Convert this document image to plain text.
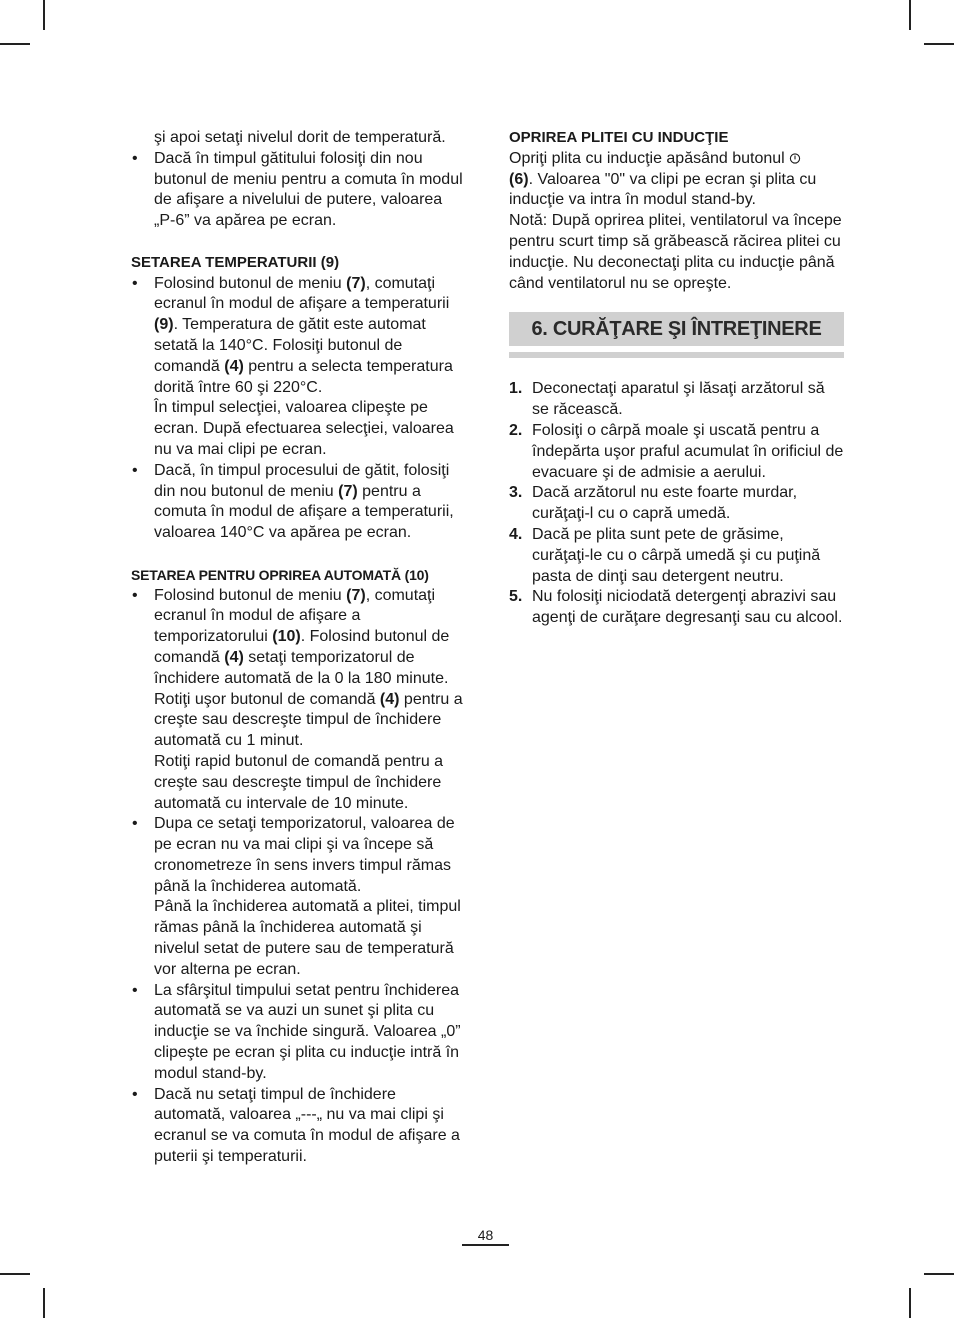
şi apoi setaţi nivelul dorit de temperatură.

• Dacă în timpul gătitului folosiţi din nou butonul de meniu pentru a comuta în modul de afişare a nivelului de putere, valoarea „P-6” va apărea pe ecran.

SETAREA TEMPERATURII (9)

• Folosind butonul de meniu (7), comutaţi ecranul în modul de afişare a temperaturii (9). Temperatura de gătit este automat setată la 140°C. Folosiţi butonul de comandă (4) pentru a selecta temperatura dorită între 60 şi 220°C.
În timpul selecţiei, valoarea clipeşte pe ecran. După efectuarea selecţiei, valoarea nu va mai clipi pe ecran.
• Dacă, în timpul procesului de gătit, folosiţi din nou butonul de meniu (7) pentru a comuta în modul de afişare a temperaturii, valoarea 140°C va apărea pe ecran.

SETAREA PENTRU OPRIREA AUTOMATĂ (10)

• Folosind butonul de meniu (7), comutaţi ecranul în modul de afişare a temporizatorului (10). Folosind butonul de comandă (4) setaţi temporizatorul de închidere automată de la 0 la 180 minute.
Rotiţi uşor butonul de comandă (4) pentru a creşte sau descreşte timpul de închidere automată cu 1 minut.
Rotiţi rapid butonul de comandă pentru a creşte sau descreşte timpul de închidere automată cu intervale de 10 minute.
• Dupa ce setaţi temporizatorul, valoarea de pe ecran nu va mai clipi şi va începe să cronometreze în sens invers timpul rămas până la închiderea automată.
Până la închiderea automată a plitei, timpul rămas până la închiderea automată şi nivelul setat de putere sau de temperatură vor alterna pe ecran.
• La sfârşitul timpului setat pentru închiderea automată se va auzi un sunet şi plita cu inducţie se va închide singură. Valoarea „0” clipeşte pe ecran şi plita cu inducţie intră în modul stand-by.
• Dacă nu setaţi timpul de închidere automată, valoarea „---„ nu va mai clipi şi ecranul se va comuta în modul de afişare a puterii şi temperaturii.

OPRIREA PLITEI CU INDUCŢIE

Opriţi plita cu inducţie apăsând butonul
(6). Valoarea "0" va clipi pe ecran şi plita cu inducţie va intra în modul stand-by.

Notă: După oprirea plitei, ventilatorul va începe pentru scurt timp să grăbească răcirea plitei cu inducţie. Nu deconectaţi plita cu inducţie până când ventilatorul nu se opreşte.

6. CURĂŢARE ŞI ÎNTREŢINERE
1. Deconectaţi aparatul şi lăsaţi arzătorul să se răcească.
2. Folosiţi o cârpă moale şi uscată pentru a îndepărta uşor praful acumulat în orificiul de evacuare şi de admisie a aerului.
3. Dacă arzătorul nu este foarte murdar, curăţaţi-l cu o capră umedă.
4. Dacă pe plita sunt pete de grăsime, curăţaţi-le cu o cârpă umedă şi cu puţină pasta de dinţi sau detergent neutru.
5. Nu folosiţi niciodată detergenţi abrazivi sau agenţi de curăţare degresanţi sau cu alcool.
48
